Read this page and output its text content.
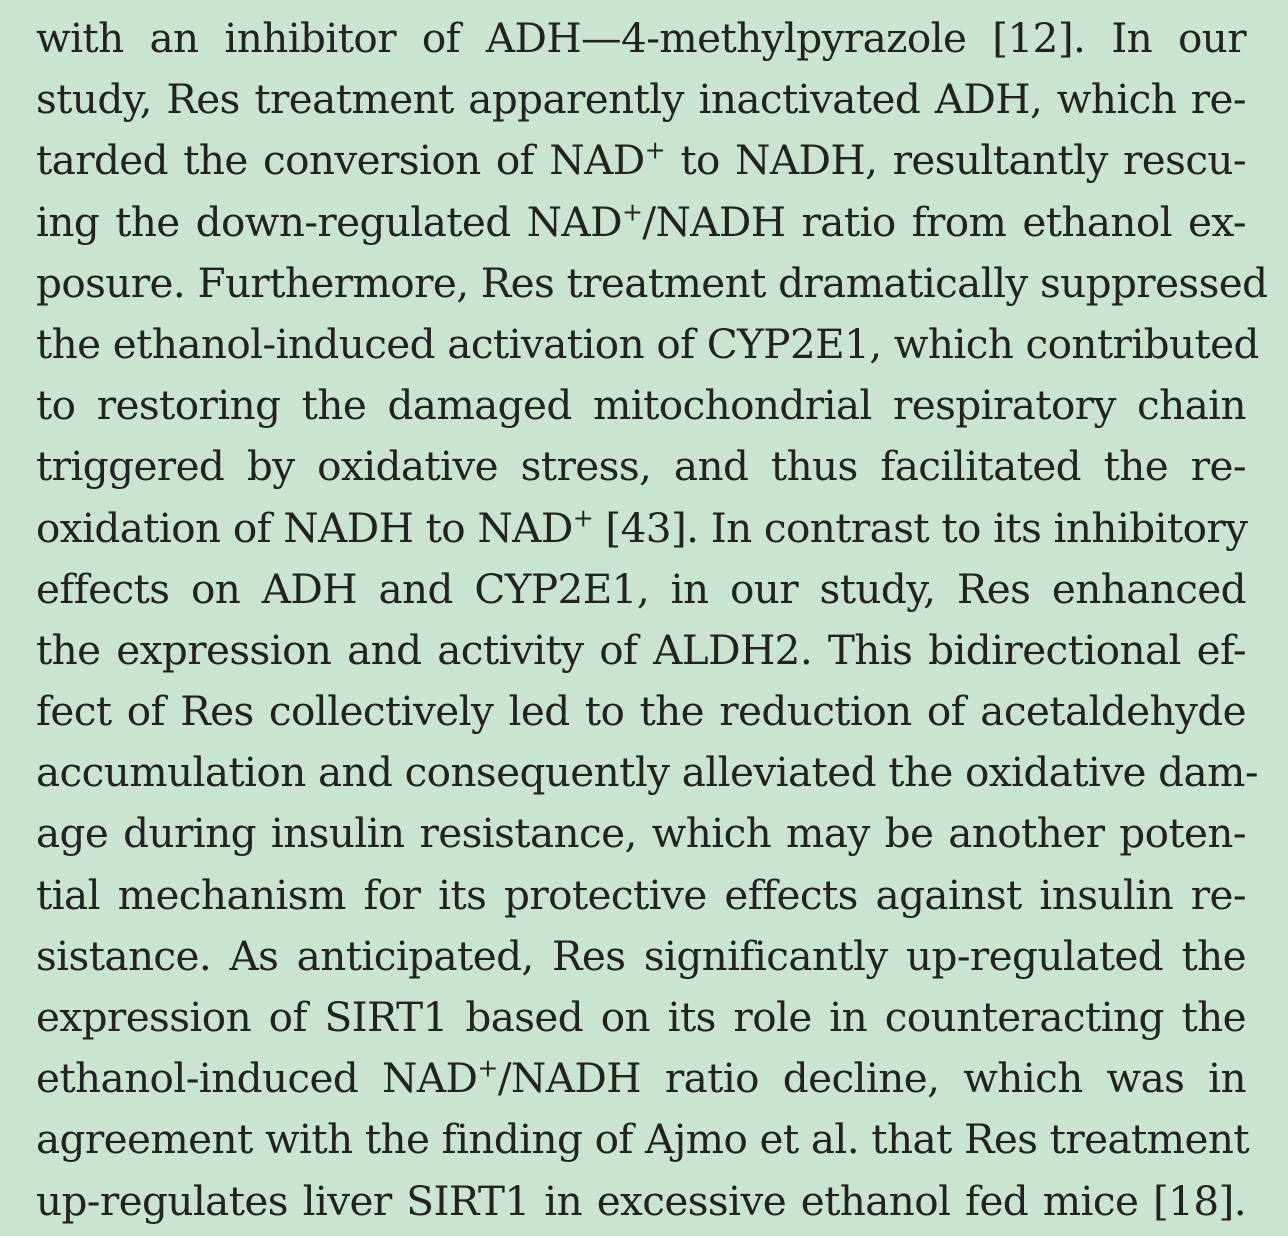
with an inhibitor of ADH—4-methylpyrazole [12]. In our
study, Res treatment apparently inactivated ADH, which re-
tarded the conversion of NAD+ to NADH, resultantly rescu-
ing the down-regulated NAD+/NADH ratio from ethanol ex-
posure. Furthermore, Res treatment dramatically suppressed
the ethanol-induced activation of CYP2E1, which contributed
to restoring the damaged mitochondrial respiratory chain
triggered by oxidative stress, and thus facilitated the re-
oxidation of NADH to NAD+ [43]. In contrast to its inhibitory
effects on ADH and CYP2E1, in our study, Res enhanced
the expression and activity of ALDH2. This bidirectional ef-
fect of Res collectively led to the reduction of acetaldehyde
accumulation and consequently alleviated the oxidative dam-
age during insulin resistance, which may be another poten-
tial mechanism for its protective effects against insulin re-
sistance. As anticipated, Res significantly up-regulated the
expression of SIRT1 based on its role in counteracting the
ethanol-induced NAD+/NADH ratio decline, which was in
agreement with the finding of Ajmo et al. that Res treatment
up-regulates liver SIRT1 in excessive ethanol fed mice [18].
